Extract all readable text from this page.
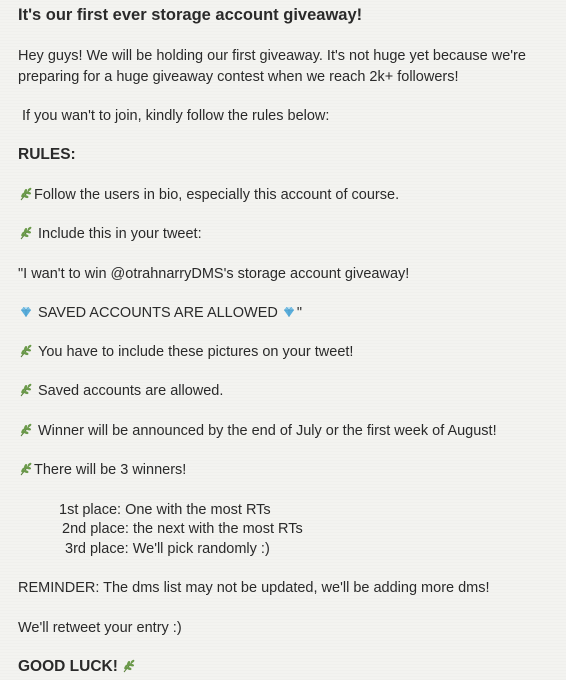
It's our first ever storage account giveaway!
Hey guys! We will be holding our first giveaway. It's not huge yet because we're
preparing for a huge giveaway contest when we reach 2k+ followers!
If you wan't to join, kindly follow the rules below:
RULES:
Follow the users in bio, especially this account of course.
Include this in your tweet:
"I wan't to win @otrahnarryDMS's storage account giveaway!
SAVED ACCOUNTS ARE ALLOWED "
You have to include these pictures on your tweet!
Saved accounts are allowed.
Winner will be announced by the end of July or the first week of August!
There will be 3 winners!
1st place: One with the most RTs
2nd place: the next with the most RTs
3rd place: We'll pick randomly :)
REMINDER: The dms list may not be updated, we'll be adding more dms!
We'll retweet your entry :)
GOOD LUCK!
